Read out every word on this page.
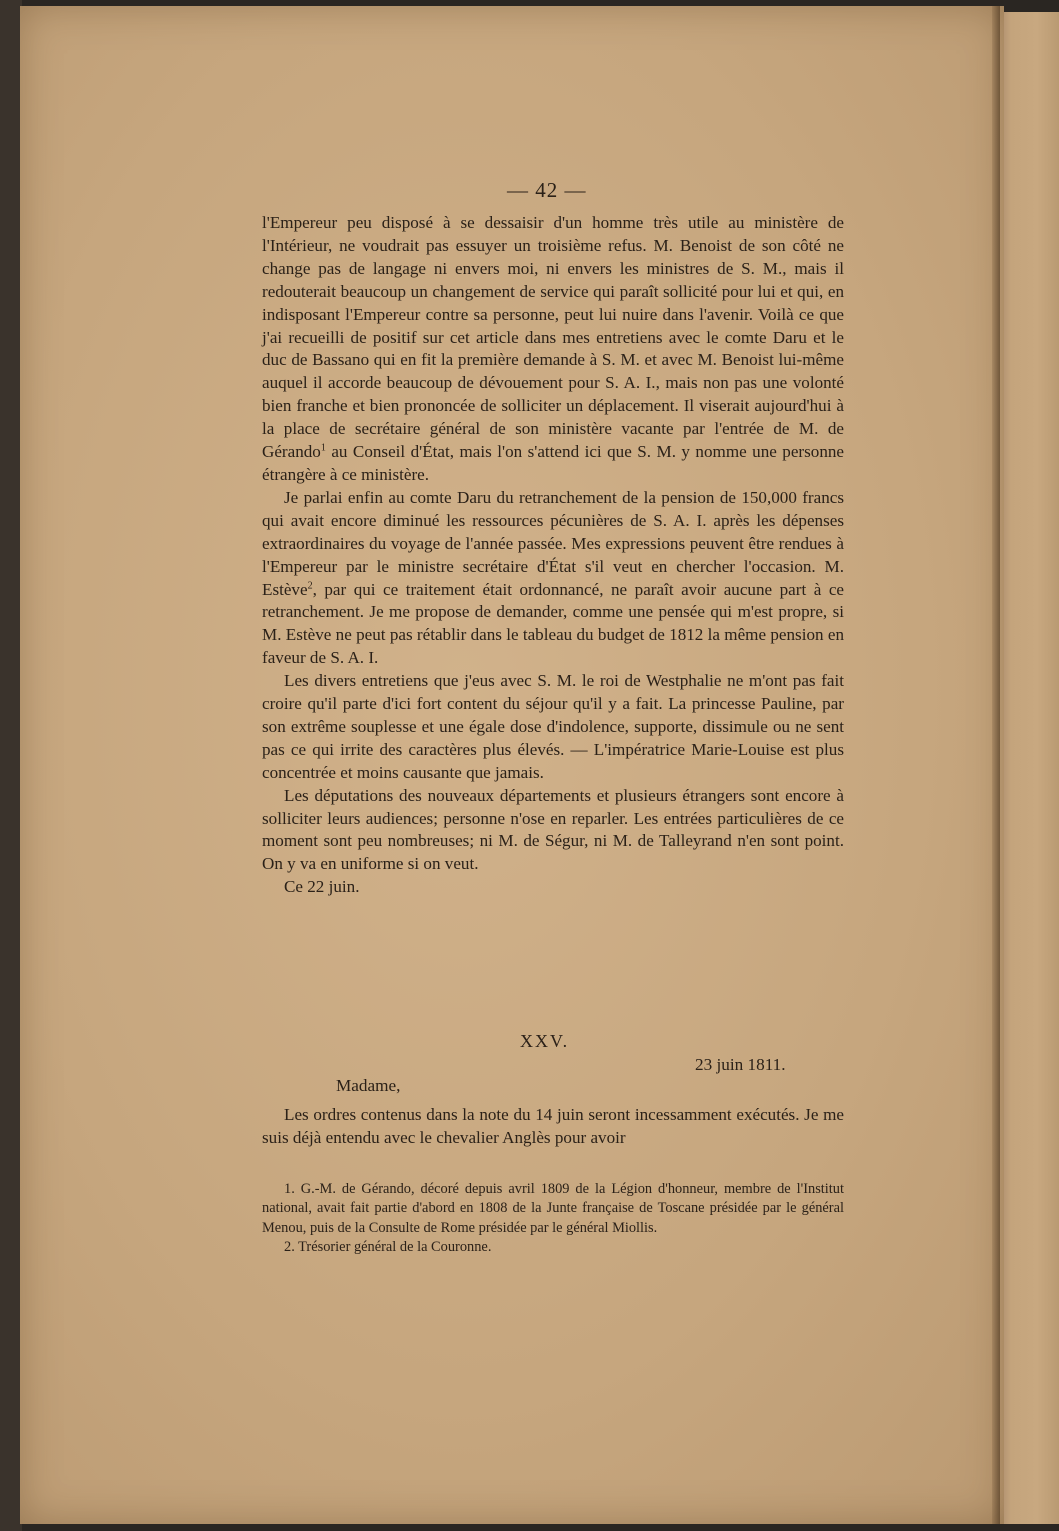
— 42 —

l'Empereur peu disposé à se dessaisir d'un homme très utile au ministère de l'Intérieur, ne voudrait pas essuyer un troisième refus. M. Benoist de son côté ne change pas de langage ni envers moi, ni envers les ministres de S. M., mais il redouterait beaucoup un changement de service qui paraît sollicité pour lui et qui, en indisposant l'Empereur contre sa personne, peut lui nuire dans l'avenir. Voilà ce que j'ai recueilli de positif sur cet article dans mes entretiens avec le comte Daru et le duc de Bassano qui en fit la première demande à S. M. et avec M. Benoist lui-même auquel il accorde beaucoup de dévouement pour S. A. I., mais non pas une volonté bien franche et bien prononcée de solliciter un déplacement. Il viserait aujourd'hui à la place de secrétaire général de son ministère vacante par l'entrée de M. de Gérando$^1$ au Conseil d'État, mais l'on s'attend ici que S. M. y nomme une personne étrangère à ce ministère.

Je parlai enfin au comte Daru du retranchement de la pension de 150,000 francs qui avait encore diminué les ressources pécunières de S. A. I. après les dépenses extraordinaires du voyage de l'année passée. Mes expressions peuvent être rendues à l'Empereur par le ministre secrétaire d'État s'il veut en chercher l'occasion. M. Estève$^2$, par qui ce traitement était ordonnancé, ne paraît avoir aucune part à ce retranchement. Je me propose de demander, comme une pensée qui m'est propre, si M. Estève ne peut pas rétablir dans le tableau du budget de 1812 la même pension en faveur de S. A. I.

Les divers entretiens que j'eus avec S. M. le roi de Westphalie ne m'ont pas fait croire qu'il parte d'ici fort content du séjour qu'il y a fait. La princesse Pauline, par son extrême souplesse et une égale dose d'indolence, supporte, dissimule ou ne sent pas ce qui irrite des caractères plus élevés. — L'impératrice Marie-Louise est plus concentrée et moins causante que jamais.

Les députations des nouveaux départements et plusieurs étrangers sont encore à solliciter leurs audiences; personne n'ose en reparler. Les entrées particulières de ce moment sont peu nombreuses; ni M. de Ségur, ni M. de Talleyrand n'en sont point. On y va en uniforme si on veut.

Ce 22 juin.

XXV.
23 juin 1811.
Madame,

Les ordres contenus dans la note du 14 juin seront incessamment exécutés. Je me suis déjà entendu avec le chevalier Anglès pour avoir

1. G.-M. de Gérando, décoré depuis avril 1809 de la Légion d'honneur, membre de l'Institut national, avait fait partie d'abord en 1808 de la Junte française de Toscane présidée par le général Menou, puis de la Consulte de Rome présidée par le général Miollis.

2. Trésorier général de la Couronne.
